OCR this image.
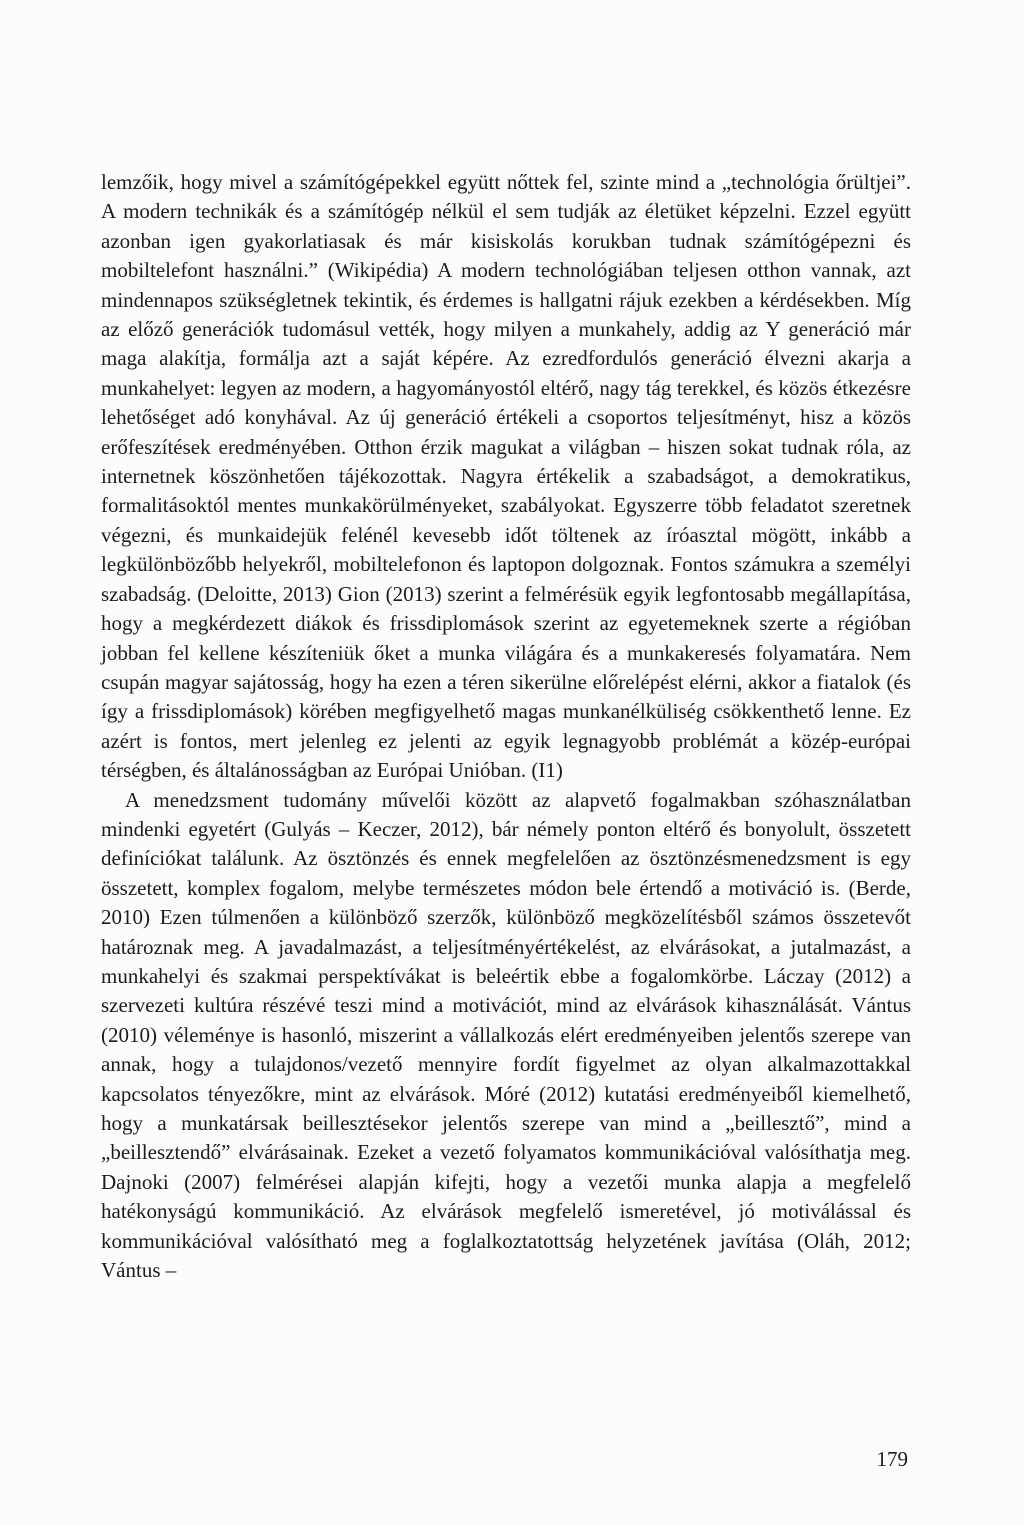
lemzőik, hogy mivel a számítógépekkel együtt nőttek fel, szinte mind a „technológia őrültjei”. A modern technikák és a számítógép nélkül el sem tudják az életüket képzelni. Ezzel együtt azonban igen gyakorlatiasak és már kisiskolás korukban tudnak számítógépezni és mobiltelefont használni.” (Wikipédia) A modern technológiában teljesen otthon vannak, azt mindennapos szükségletnek tekintik, és érdemes is hallgatni rájuk ezekben a kérdésekben. Míg az előző generációk tudomásul vették, hogy milyen a munkahely, addig az Y generáció már maga alakítja, formálja azt a saját képére. Az ezredfordulós generáció élvezni akarja a munkahelyet: legyen az modern, a hagyományostól eltérő, nagy tág terekkel, és közös étkezésre lehetőséget adó konyhával. Az új generáció értékeli a csoportos teljesítményt, hisz a közös erőfeszítések eredményében. Otthon érzik magukat a világban – hiszen sokat tudnak róla, az internetnek köszönhetően tájékozottak. Nagyra értékelik a szabadságot, a demokratikus, formalitásoktól mentes munkakörülményeket, szabályokat. Egyszerre több feladatot szeretnek végezni, és munkaidejük felénél kevesebb időt töltenek az íróasztal mögött, inkább a legkülönbözőbb helyekről, mobiltelefonon és laptopon dolgoznak. Fontos számukra a személyi szabadság. (Deloitte, 2013) Gion (2013) szerint a felmérésük egyik legfontosabb megállapítása, hogy a megkérdezett diákok és frissdiplomások szerint az egyetemeknek szerte a régióban jobban fel kellene készíteniük őket a munka világára és a munkakeresés folyamatára. Nem csupán magyar sajátosság, hogy ha ezen a téren sikerülne előrelépést elérni, akkor a fiatalok (és így a frissdiplomások) körében megfigyelhető magas munkanélküliség csökkenthető lenne. Ez azért is fontos, mert jelenleg ez jelenti az egyik legnagyobb problémát a közép-európai térségben, és általánosságban az Európai Unióban. (I1)

A menedzsment tudomány művelői között az alapvető fogalmakban szóhasználatban mindenki egyetért (Gulyás – Keczer, 2012), bár némely ponton eltérő és bonyolult, összetett definíciókat találunk. Az ösztönzés és ennek megfelelően az ösztönzésmenedzsment is egy összetett, komplex fogalom, melybe természetes módon bele értendő a motiváció is. (Berde, 2010) Ezen túlmenően a különböző szerzők, különböző megközelítésből számos összetevőt határoznak meg. A javadalmazást, a teljesítményértékelést, az elvárásokat, a jutalmazást, a munkahelyi és szakmai perspektívákat is beleértik ebbe a fogalomkörbe. Láczay (2012) a szervezeti kultúra részévé teszi mind a motivációt, mind az elvárások kihasználását. Vántus (2010) véleménye is hasonló, miszerint a vállalkozás elért eredményeiben jelentős szerepe van annak, hogy a tulajdonos/vezető mennyire fordít figyelmet az olyan alkalmazottakkal kapcsolatos tényezőkre, mint az elvárások. Móré (2012) kutatási eredményeiből kiemelhető, hogy a munkatársak beillesztésekor jelentős szerepe van mind a „beillesztő”, mind a „beillesztendő” elvárásainak. Ezeket a vezető folyamatos kommunikációval valósíthatja meg. Dajnoki (2007) felmérései alapján kifejti, hogy a vezetői munka alapja a megfelelő hatékonyságú kommunikáció. Az elvárások megfelelő ismeretével, jó motiválással és kommunikációval valósítható meg a foglalkoztatottság helyzetének javítása (Oláh, 2012; Vántus –

179
